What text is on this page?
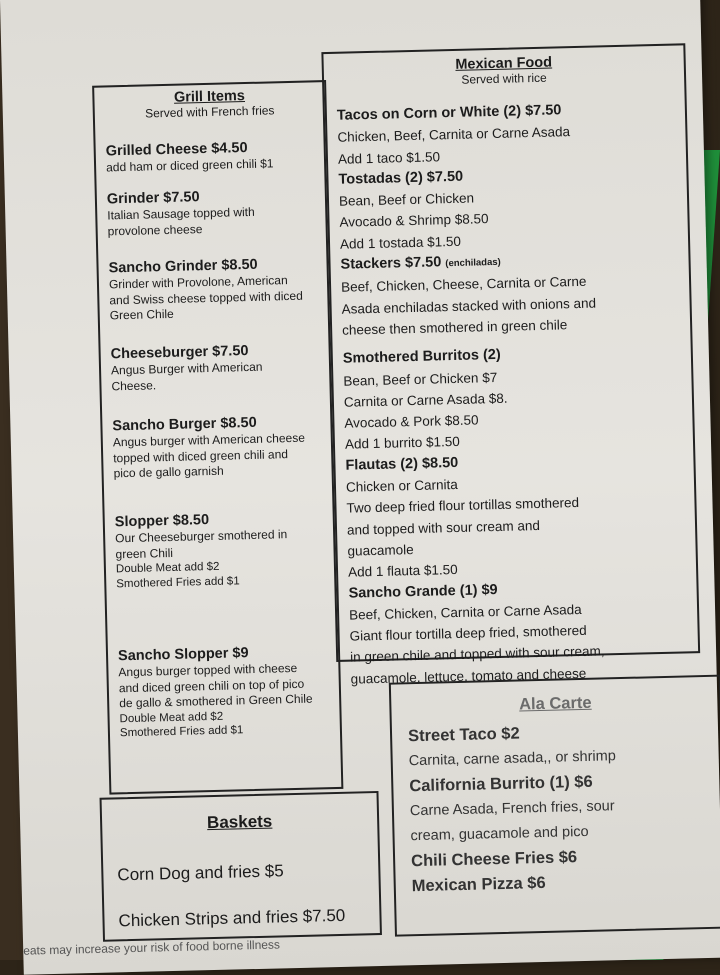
Grill Items
Served with French fries
Grilled Cheese $4.50
add ham or diced green chili $1
Grinder $7.50
Italian Sausage topped with
provolone cheese
Sancho Grinder $8.50
Grinder with Provolone, American
and Swiss cheese topped with diced
Green Chile
Cheeseburger $7.50
Angus Burger with American
Cheese.
Sancho Burger $8.50
Angus burger with American cheese
topped with diced green chili and
pico de gallo garnish
Slopper $8.50
Our Cheeseburger smothered in
green Chili
Double Meat add $2
Smothered Fries add $1
Sancho Slopper $9
Angus burger topped with cheese
and diced green chili on top of pico
de gallo & smothered in Green Chile
Double Meat add $2
Smothered Fries add $1
Mexican Food
Served with rice
Tacos on Corn or White (2) $7.50
Chicken, Beef, Carnita or Carne Asada
Add 1 taco $1.50
Tostadas (2) $7.50
Bean, Beef or Chicken
Avocado & Shrimp $8.50
Add 1 tostada $1.50
Stackers $7.50 (enchiladas)
Beef, Chicken, Cheese, Carnita or Carne
Asada enchiladas stacked with onions and
cheese then smothered in green chile
Smothered Burritos (2)
Bean, Beef or Chicken $7
Carnita or Carne Asada $8.
Avocado & Pork $8.50
Add 1 burrito $1.50
Flautas (2) $8.50
Chicken or Carnita
Two deep fried flour tortillas smothered
and topped with sour cream and
guacamole
Add 1 flauta $1.50
Sancho Grande (1) $9
Beef, Chicken, Carnita or Carne Asada
Giant flour tortilla deep fried, smothered
in green chile and topped with sour cream,
guacamole, lettuce, tomato and cheese
Baskets
Corn Dog and fries $5
Chicken Strips and fries $7.50
Ala Carte
Street Taco $2
Carnita, carne asada,, or shrimp
California Burrito (1) $6
Carne Asada, French fries, sour
cream, guacamole and pico
Chili Cheese Fries $6
Mexican Pizza $6
eats may increase your risk of food borne illness
